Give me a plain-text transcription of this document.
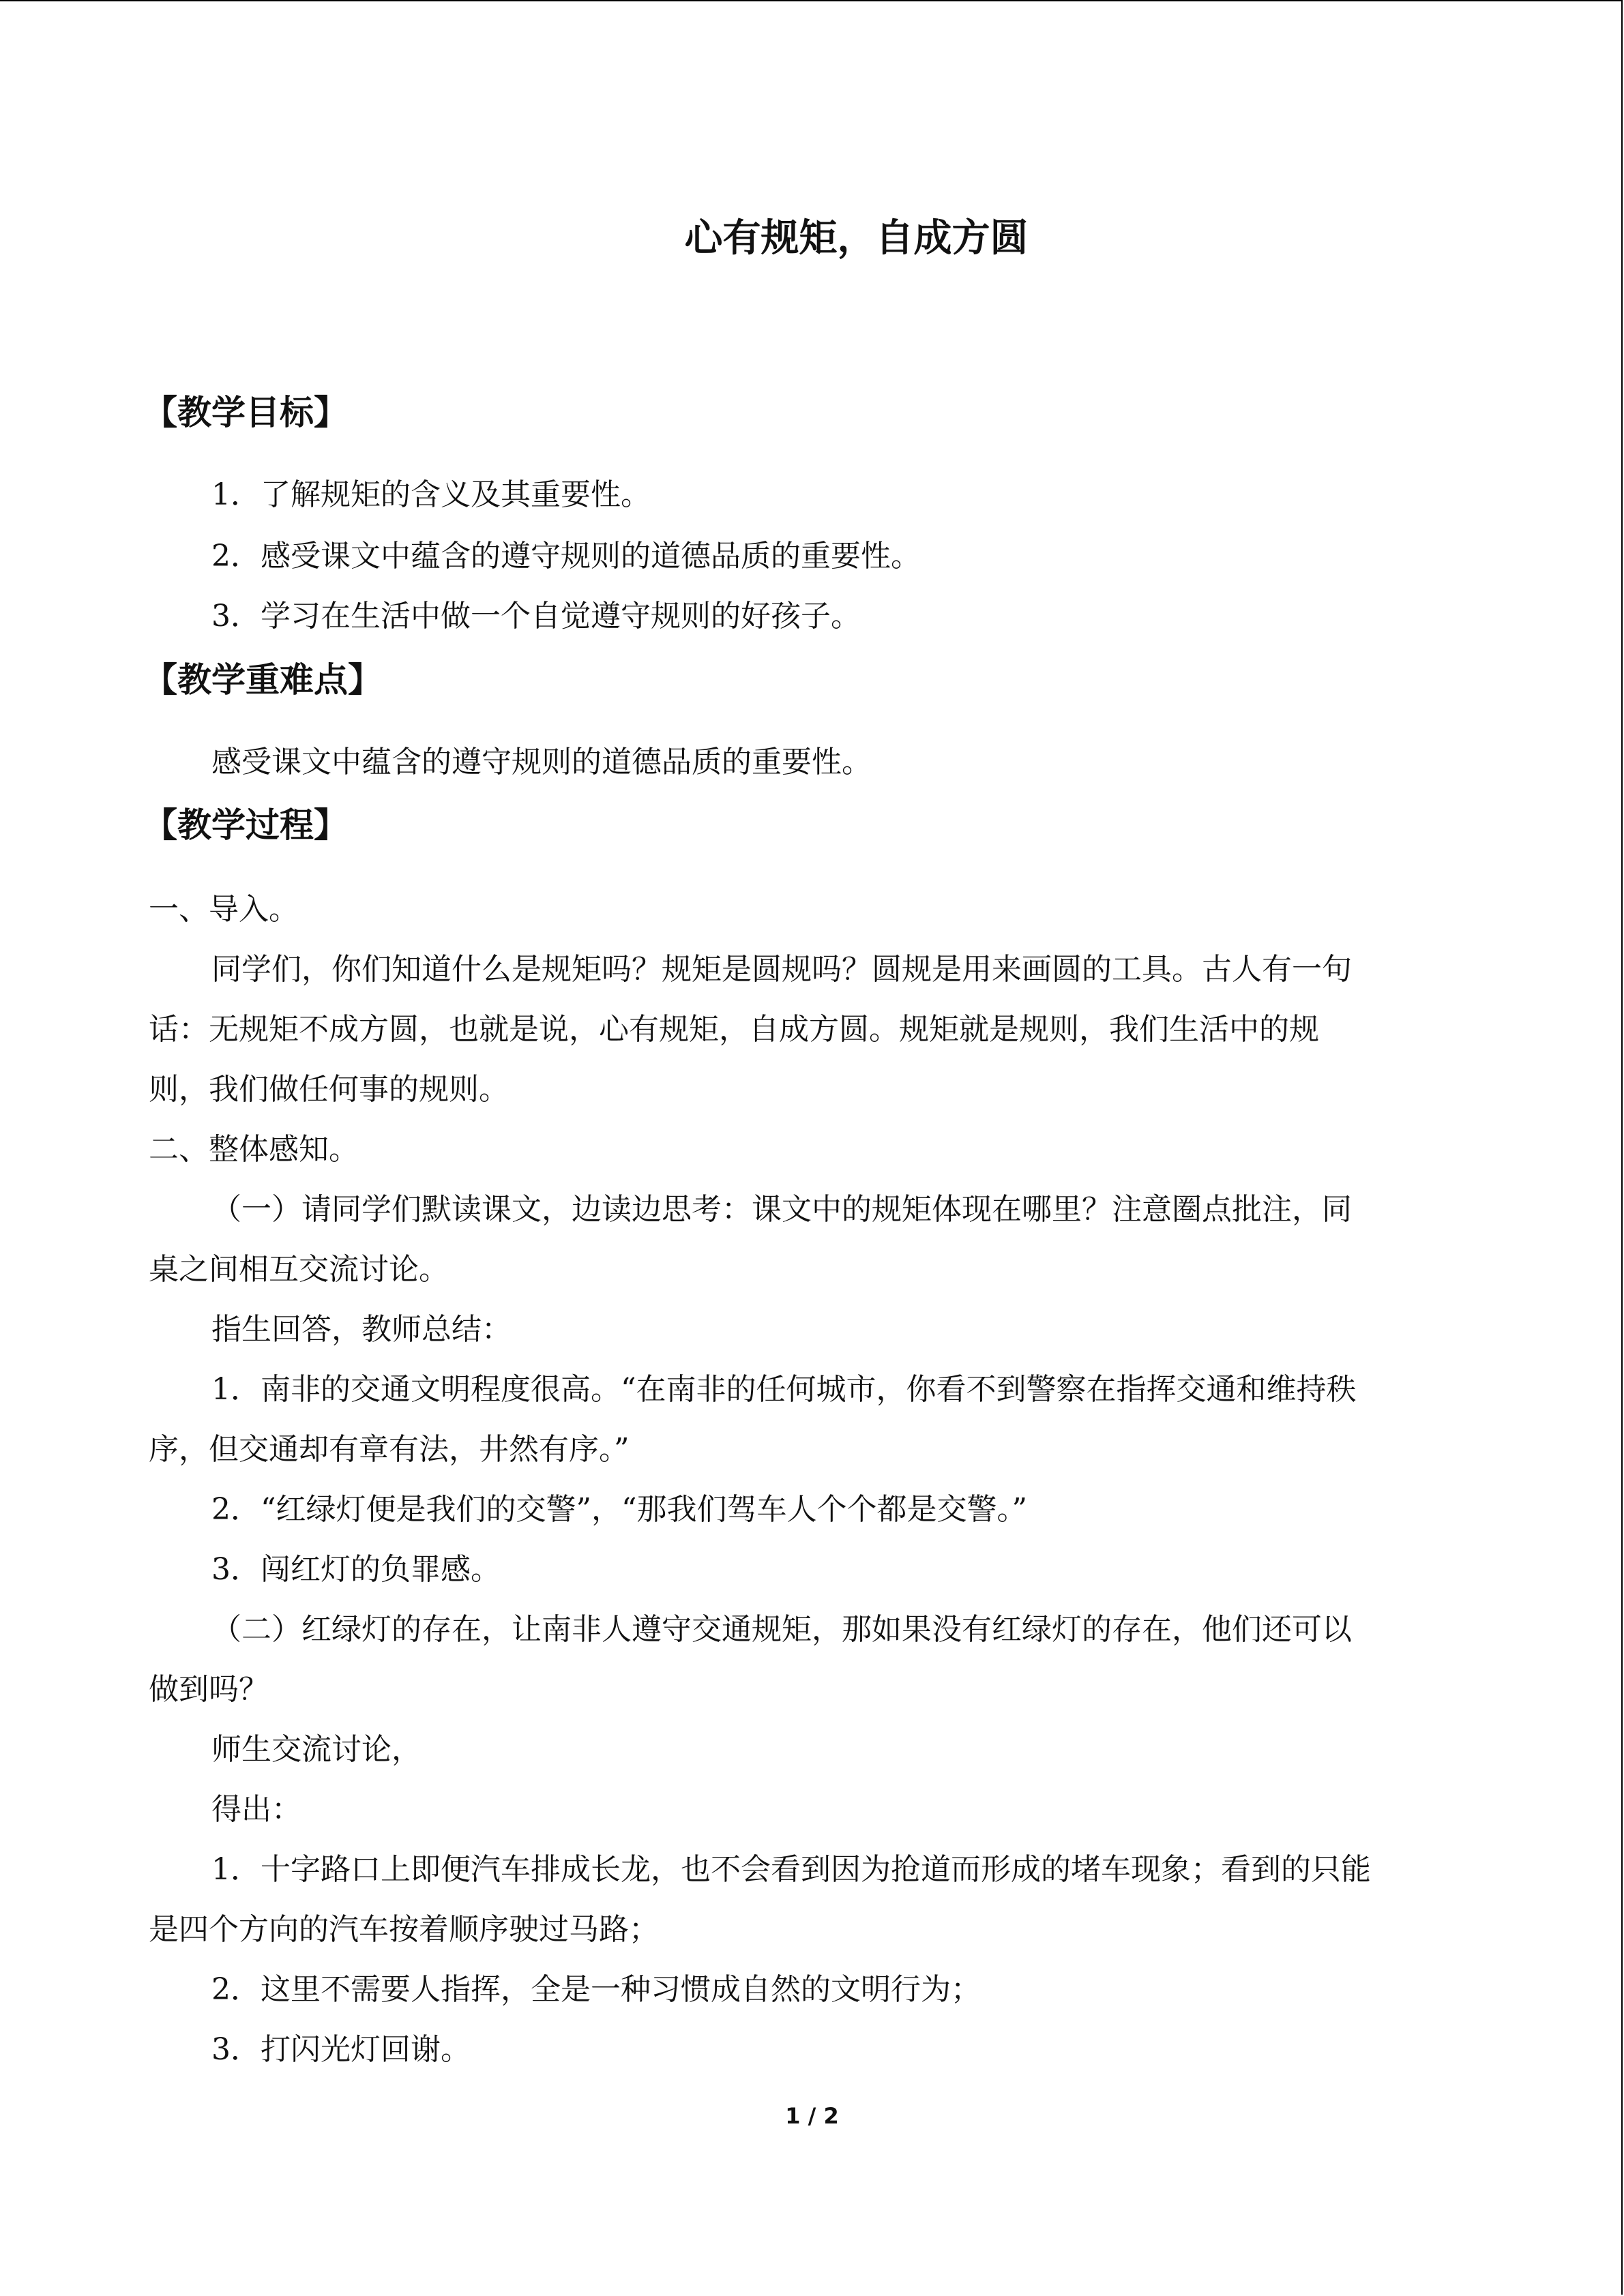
心有规矩，自成方圆
【教学目标】
1．了解规矩的含义及其重要性。
2．感受课文中蕴含的遵守规则的道德品质的重要性。
3．学习在生活中做一个自觉遵守规则的好孩子。
【教学重难点】
感受课文中蕴含的遵守规则的道德品质的重要性。
【教学过程】
一、导入。
同学们，你们知道什么是规矩吗？规矩是圆规吗？圆规是用来画圆的工具。古人有一句
话：无规矩不成方圆，也就是说，心有规矩，自成方圆。规矩就是规则，我们生活中的规
则，我们做任何事的规则。
二、整体感知。
（一）请同学们默读课文，边读边思考：课文中的规矩体现在哪里？注意圈点批注，同
桌之间相互交流讨论。
指生回答，教师总结：
1．南非的交通文明程度很高。“在南非的任何城市，你看不到警察在指挥交通和维持秩
序，但交通却有章有法，井然有序。”
2．“红绿灯便是我们的交警”，“那我们驾车人个个都是交警。”
3．闯红灯的负罪感。
（二）红绿灯的存在，让南非人遵守交通规矩，那如果没有红绿灯的存在，他们还可以
做到吗？
师生交流讨论，
得出：
1．十字路口上即便汽车排成长龙，也不会看到因为抢道而形成的堵车现象；看到的只能
是四个方向的汽车按着顺序驶过马路；
2．这里不需要人指挥，全是一种习惯成自然的文明行为；
3．打闪光灯回谢。
1 / 2
